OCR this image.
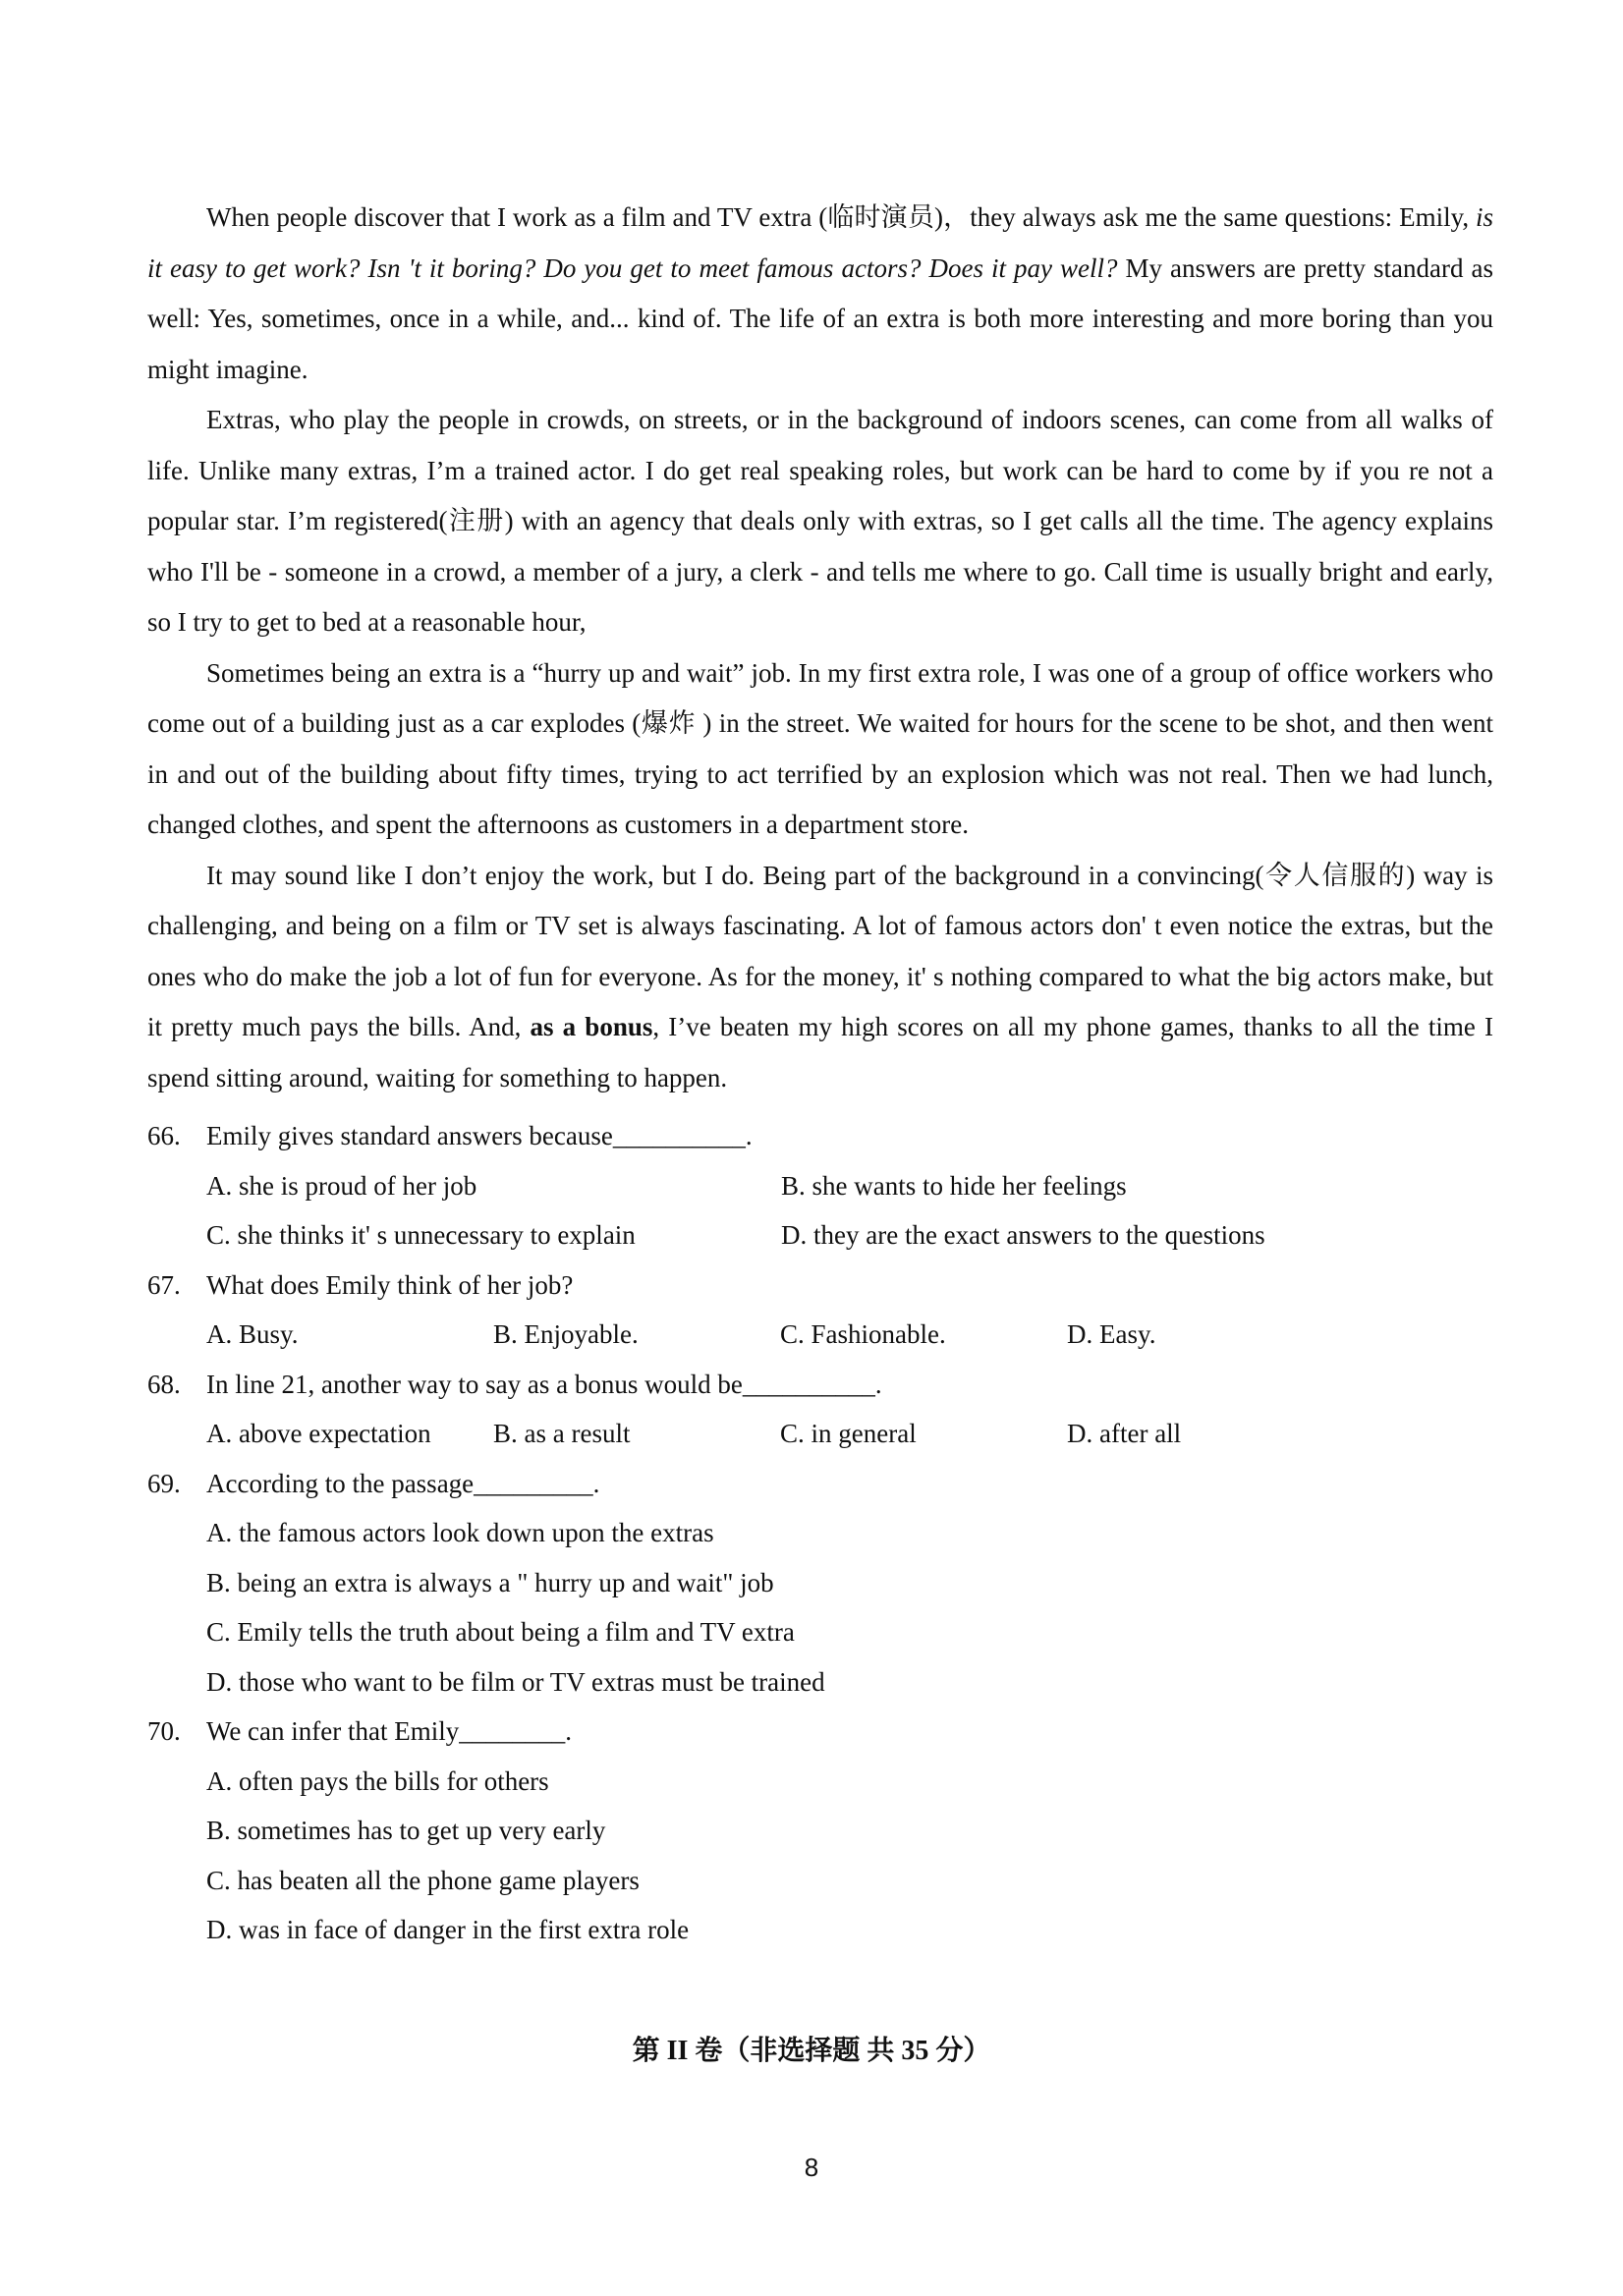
When people discover that I work as a film and TV extra (临时演员)，they always ask me the same questions: Emily, is it easy to get work? Isn 't it boring? Do you get to meet famous actors? Does it pay well? My answers are pretty standard as well: Yes, sometimes, once in a while, and... kind of. The life of an extra is both more interesting and more boring than you might imagine.

Extras, who play the people in crowds, on streets, or in the background of indoors scenes, can come from all walks of life. Unlike many extras, I’m a trained actor. I do get real speaking roles, but work can be hard to come by if you re not a popular star. I’m registered(注册) with an agency that deals only with extras, so I get calls all the time. The agency explains who I'll be - someone in a crowd, a member of a jury, a clerk - and tells me where to go. Call time is usually bright and early, so I try to get to bed at a reasonable hour,

Sometimes being an extra is a “hurry up and wait” job. In my first extra role, I was one of a group of office workers who come out of a building just as a car explodes (爆炸 ) in the street. We waited for hours for the scene to be shot, and then went in and out of the building about fifty times, trying to act terrified by an explosion which was not real. Then we had lunch, changed clothes, and spent the afternoons as customers in a department store.

It may sound like I don’t enjoy the work, but I do. Being part of the background in a convincing(令人信服的) way is challenging, and being on a film or TV set is always fascinating. A lot of famous actors don' t even notice the extras, but the ones who do make the job a lot of fun for everyone. As for the money, it' s nothing compared to what the big actors make, but it pretty much pays the bills. And, as a bonus, I’ve beaten my high scores on all my phone games, thanks to all the time I spend sitting around, waiting for something to happen.

66. Emily gives standard answers because__________.
A. she is proud of her job	B. she wants to hide her feelings
C. she thinks it' s unnecessary to explain	D. they are the exact answers to the questions
67. What does Emily think of her job?
A. Busy.	B. Enjoyable.	C. Fashionable.	D. Easy.
68. In line 21, another way to say as a bonus would be__________.
A. above expectation	B. as a result	C. in general	D. after all
69. According to the passage_________.
A. the famous actors look down upon the extras
B. being an extra is always a " hurry up and wait" job
C. Emily tells the truth about being a film and TV extra
D. those who want to be film or TV extras must be trained
70. We can infer that Emily________.
A. often pays the bills for others
B. sometimes has to get up very early
C. has beaten all the phone game players
D. was in face of danger in the first extra role
第 II 卷（非选择题 共 35 分）
8
